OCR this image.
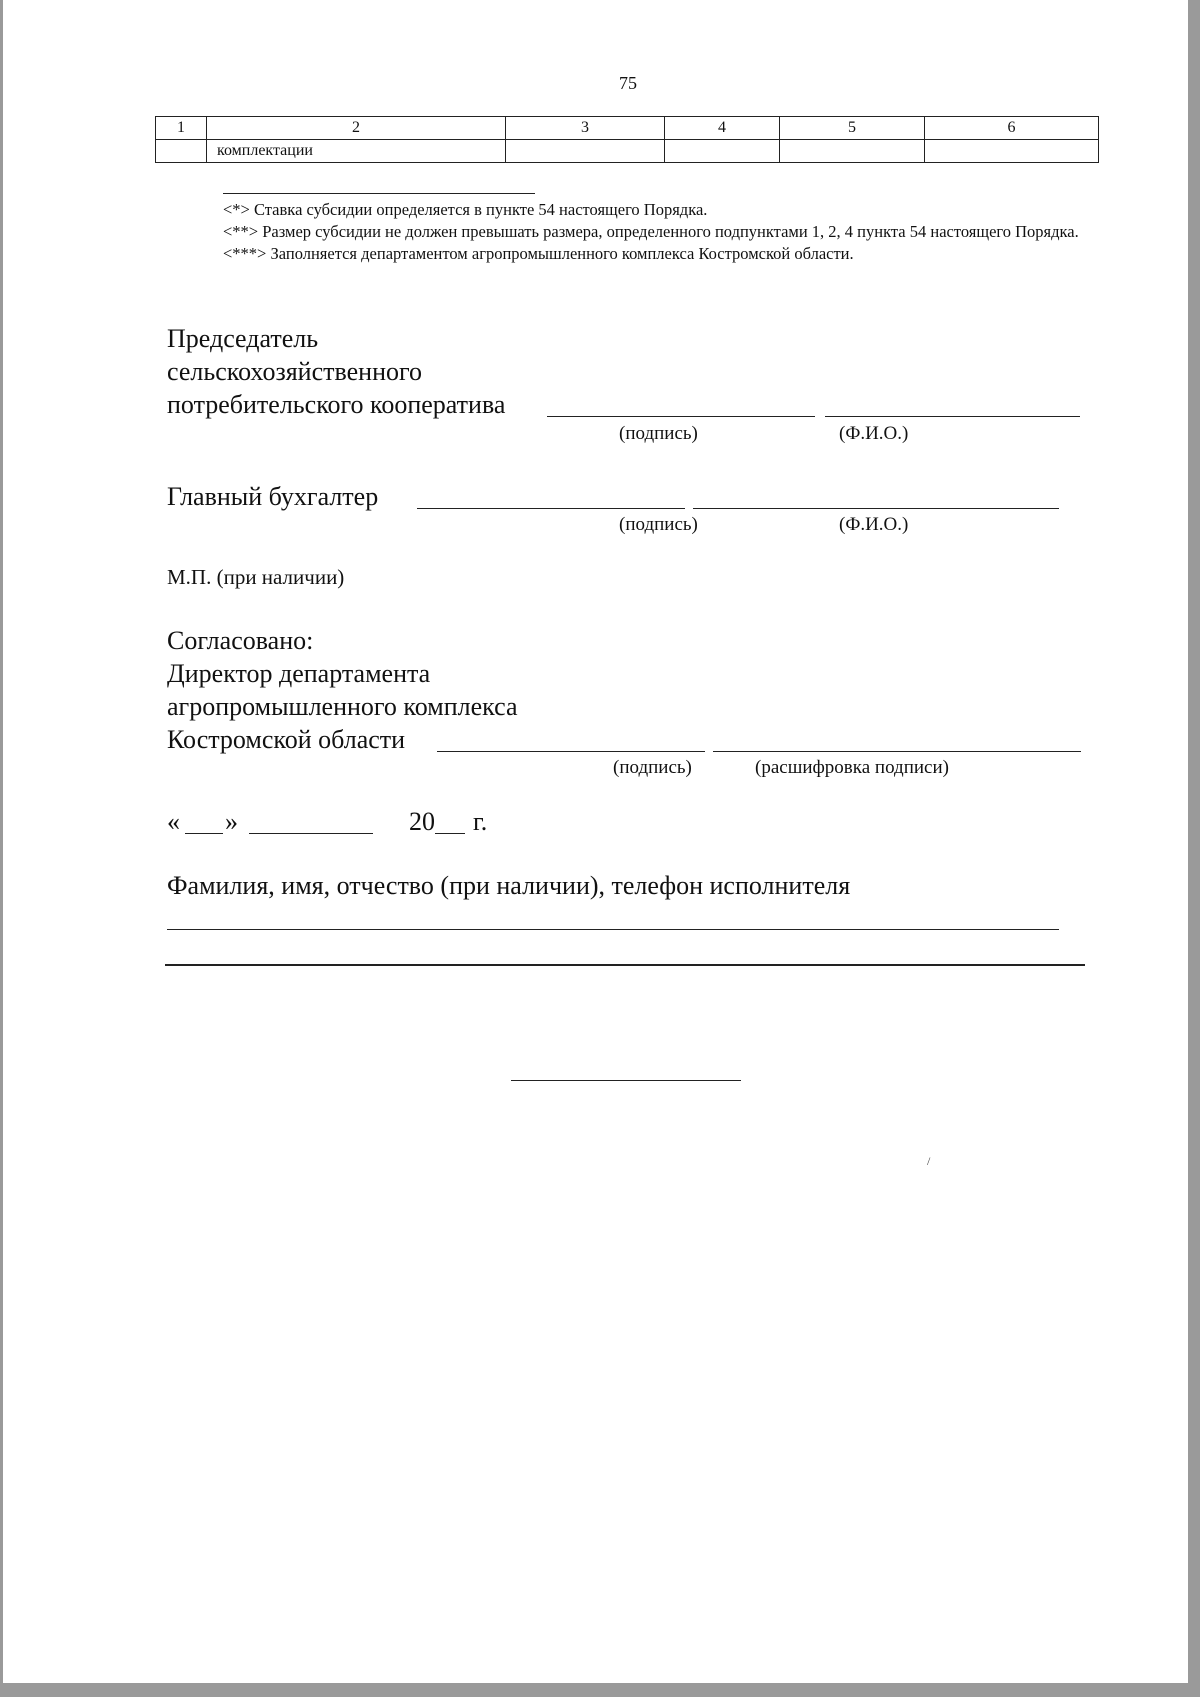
75
1	2	3	4	5	6
	комплектации				

<*> Ставка субсидии определяется в пункте 54 настоящего Порядка.

<**> Размер субсидии не должен превышать размера, определенного подпунктами 1, 2, 4 пункта 54 настоящего Порядка.

<***> Заполняется департаментом агропромышленного комплекса Костромской области.

Председатель
сельскохозяйственного
потребительского кооператива
(подпись)	(Ф.И.О.)
Главный бухгалтер
(подпись)	(Ф.И.О.)
М.П. (при наличии)
Согласовано:
Директор департамента
агропромышленного комплекса
Костромской области
(подпись)	(расшифровка подписи)
« »	20 г.
Фамилия, имя, отчество (при наличии), телефон исполнителя
/
